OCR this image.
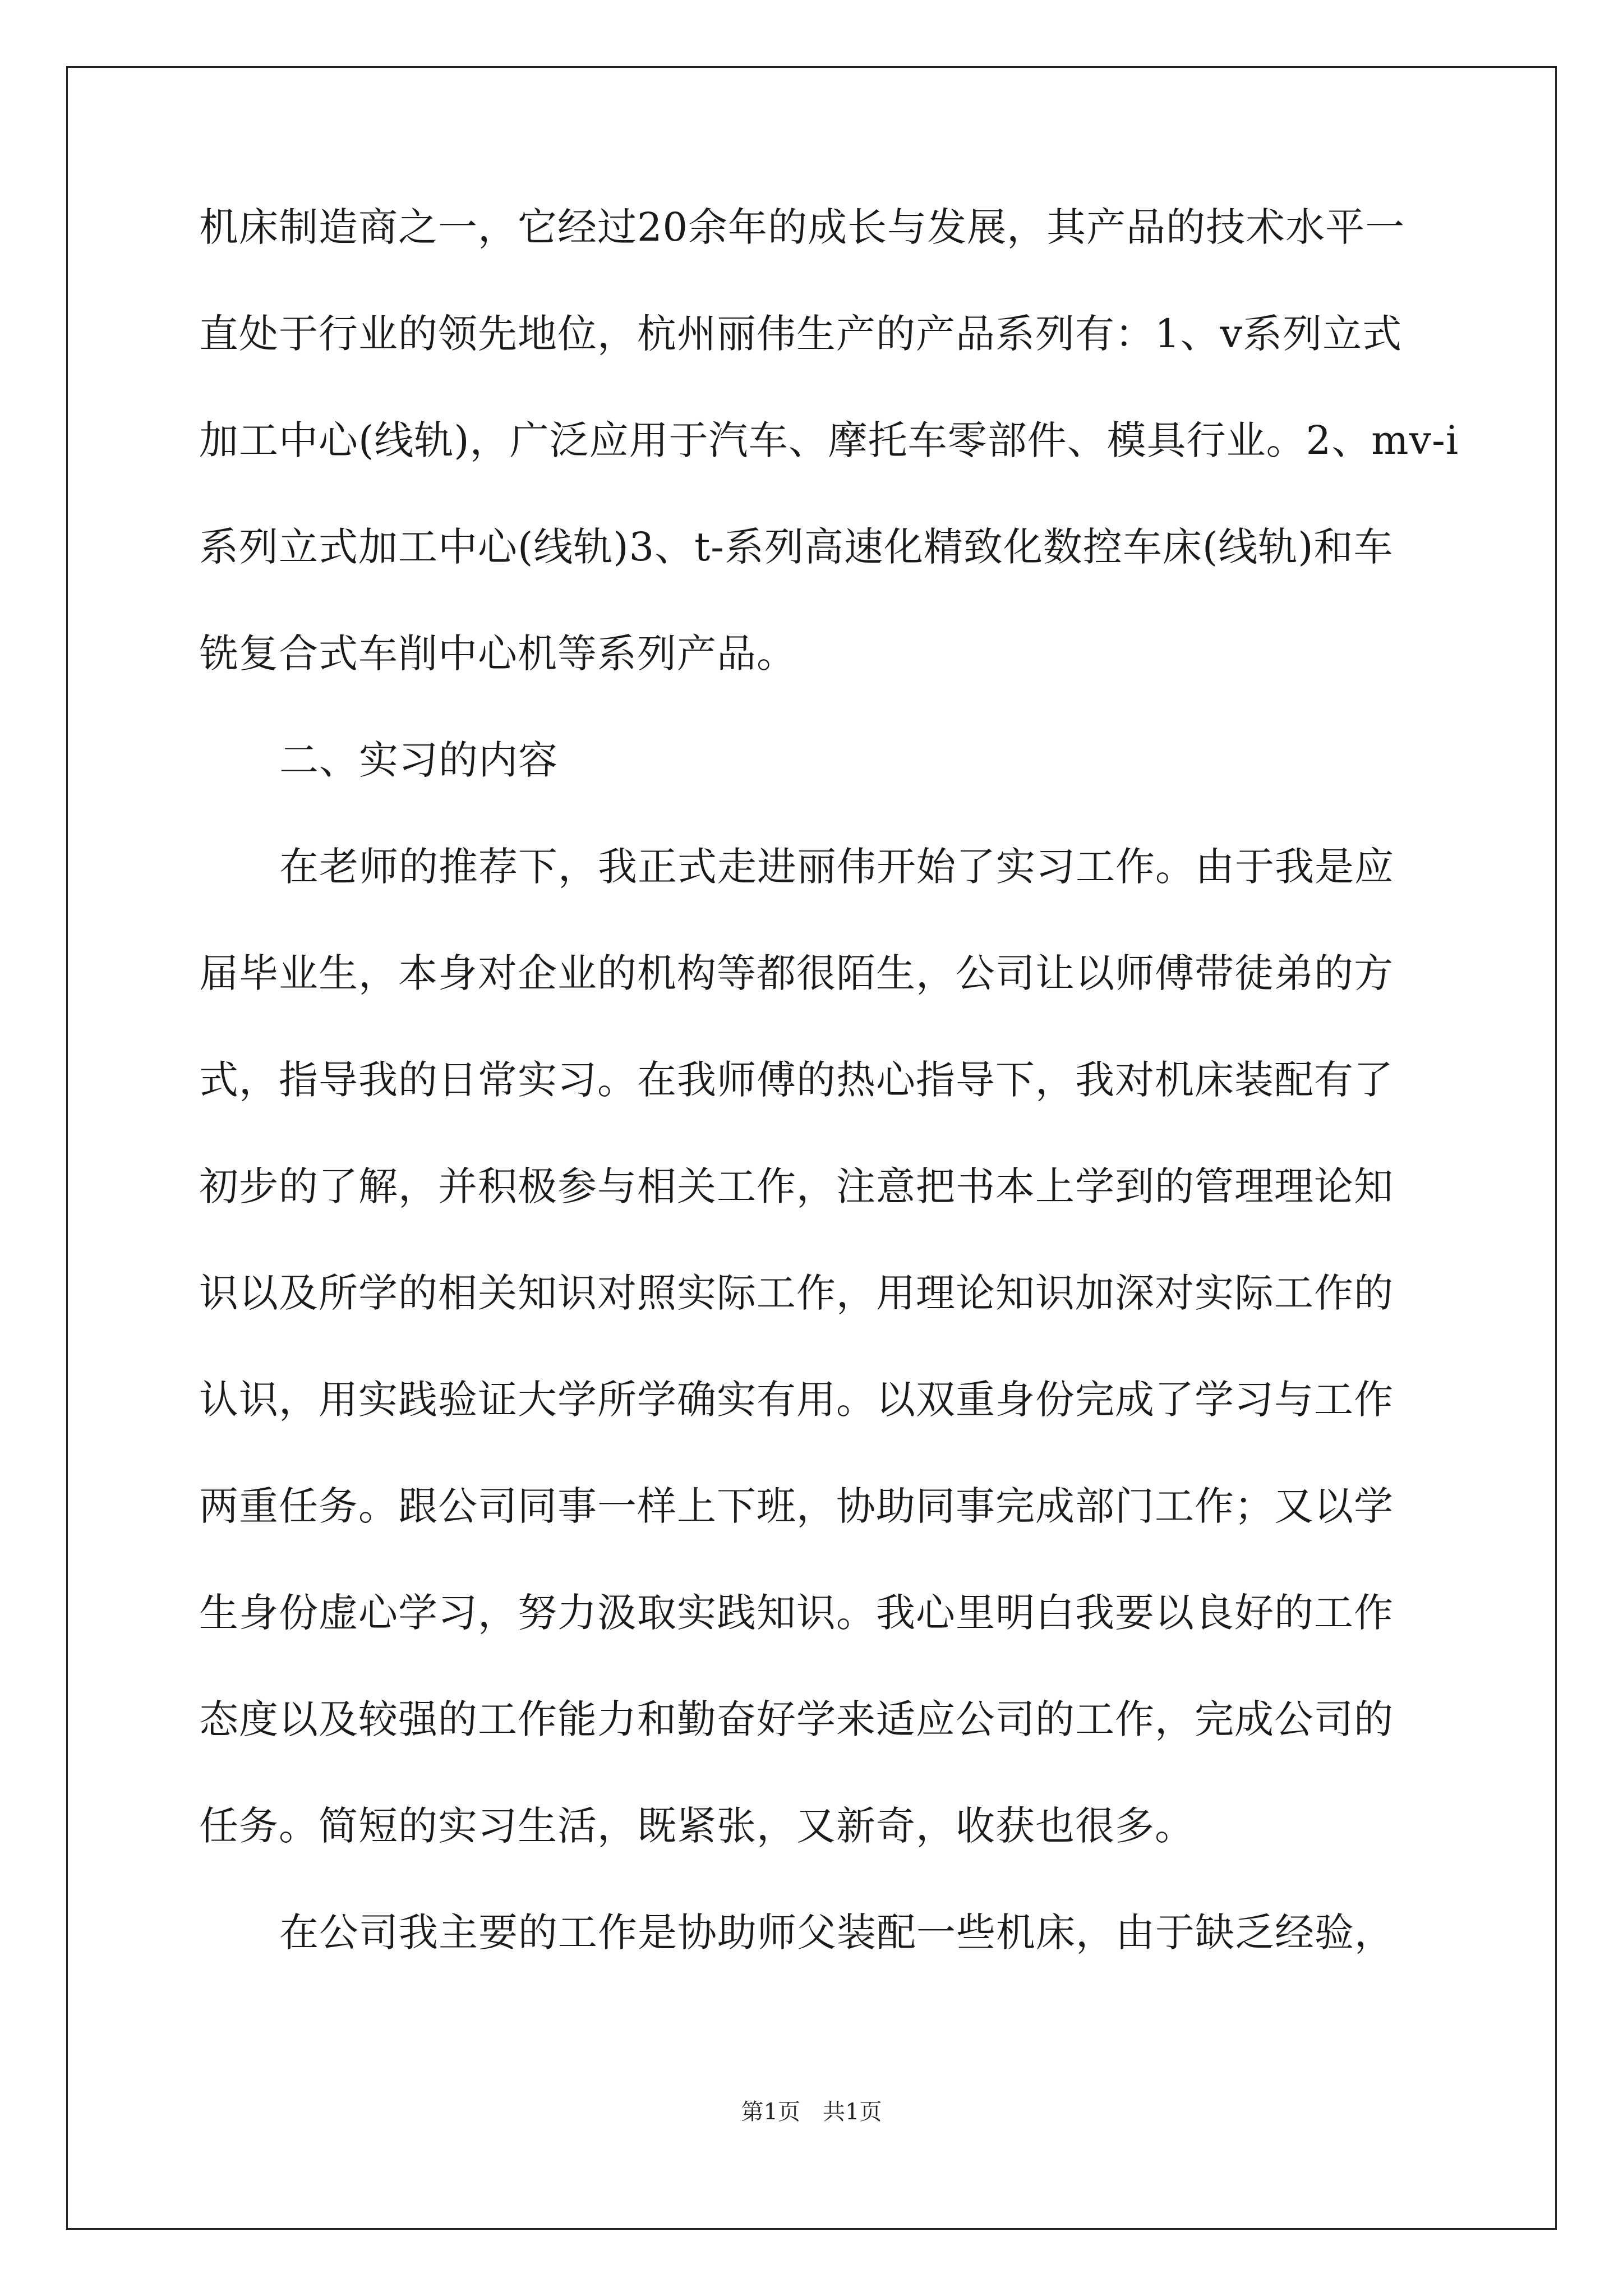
机床制造商之一，它经过20余年的成长与发展，其产品的技术水平一
直处于行业的领先地位，杭州丽伟生产的产品系列有：1、v系列立式
加工中心(线轨)，广泛应用于汽车、摩托车零部件、模具行业。2、mv-i
系列立式加工中心(线轨)3、t-系列高速化精致化数控车床(线轨)和车
铣复合式车削中心机等系列产品。
二、实习的内容
在老师的推荐下，我正式走进丽伟开始了实习工作。由于我是应
届毕业生，本身对企业的机构等都很陌生，公司让以师傅带徒弟的方
式，指导我的日常实习。在我师傅的热心指导下，我对机床装配有了
初步的了解，并积极参与相关工作，注意把书本上学到的管理理论知
识以及所学的相关知识对照实际工作，用理论知识加深对实际工作的
认识，用实践验证大学所学确实有用。以双重身份完成了学习与工作
两重任务。跟公司同事一样上下班，协助同事完成部门工作；又以学
生身份虚心学习，努力汲取实践知识。我心里明白我要以良好的工作
态度以及较强的工作能力和勤奋好学来适应公司的工作，完成公司的
任务。简短的实习生活，既紧张，又新奇，收获也很多。
在公司我主要的工作是协助师父装配一些机床，由于缺乏经验，
第1页　共1页
